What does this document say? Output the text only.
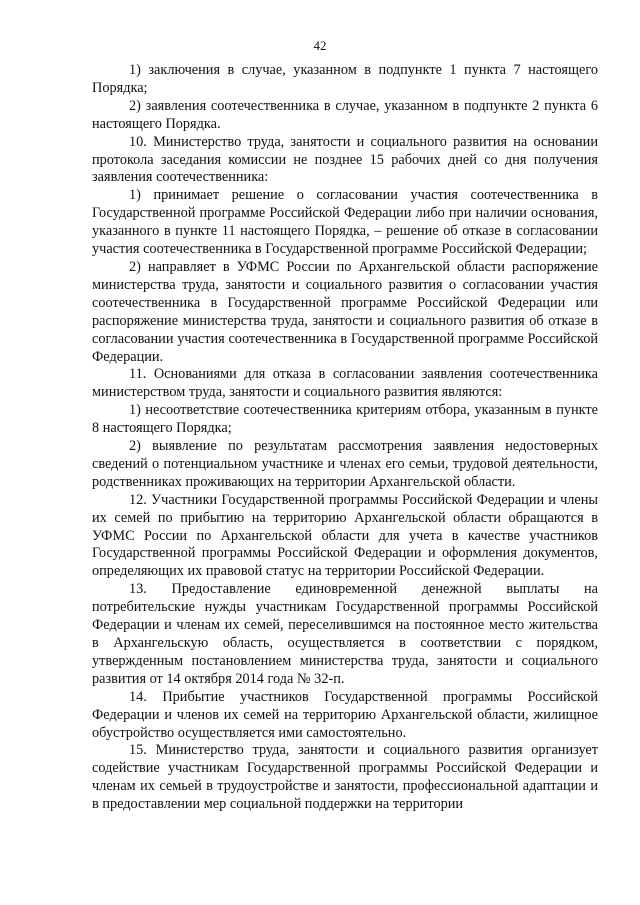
42

1) заключения в случае, указанном в подпункте 1 пункта 7 настоящего Порядка;

2) заявления соотечественника в случае, указанном в подпункте 2 пункта 6 настоящего Порядка.

10. Министерство труда, занятости и социального развития на основании протокола заседания комиссии не позднее 15 рабочих дней со дня получения заявления соотечественника:

1) принимает решение о согласовании участия соотечественника в Государственной программе Российской Федерации либо при наличии основания, указанного в пункте 11 настоящего Порядка, – решение об отказе в согласовании участия соотечественника в Государственной программе Российской Федерации;

2) направляет в УФМС России по Архангельской области распоряжение министерства труда, занятости и социального развития о согласовании участия соотечественника в Государственной программе Российской Федерации или распоряжение министерства труда, занятости и социального развития об отказе в согласовании участия соотечественника в Государственной программе Российской Федерации.

11. Основаниями для отказа в согласовании заявления соотечественника министерством труда, занятости и социального развития являются:

1) несоответствие соотечественника критериям отбора, указанным в пункте 8 настоящего Порядка;

2) выявление по результатам рассмотрения заявления недостоверных сведений о потенциальном участнике и членах его семьи, трудовой деятельности, родственниках проживающих на территории Архангельской области.

12. Участники Государственной программы Российской Федерации и члены их семей по прибытию на территорию Архангельской области обращаются в УФМС России по Архангельской области для учета в качестве участников Государственной программы Российской Федерации и оформления документов, определяющих их правовой статус на территории Российской Федерации.

13. Предоставление единовременной денежной выплаты на потребительские нужды участникам Государственной программы Российской Федерации и членам их семей, переселившимся на постоянное место жительства в Архангельскую область, осуществляется в соответствии с порядком, утвержденным постановлением министерства труда, занятости и социального развития от 14 октября 2014 года № 32-п.

14. Прибытие участников Государственной программы Российской Федерации и членов их семей на территорию Архангельской области, жилищное обустройство осуществляется ими самостоятельно.

15. Министерство труда, занятости и социального развития организует содействие участникам Государственной программы Российской Федерации и членам их семьей в трудоустройстве и занятости, профессиональной адаптации и в предоставлении мер социальной поддержки на территории
